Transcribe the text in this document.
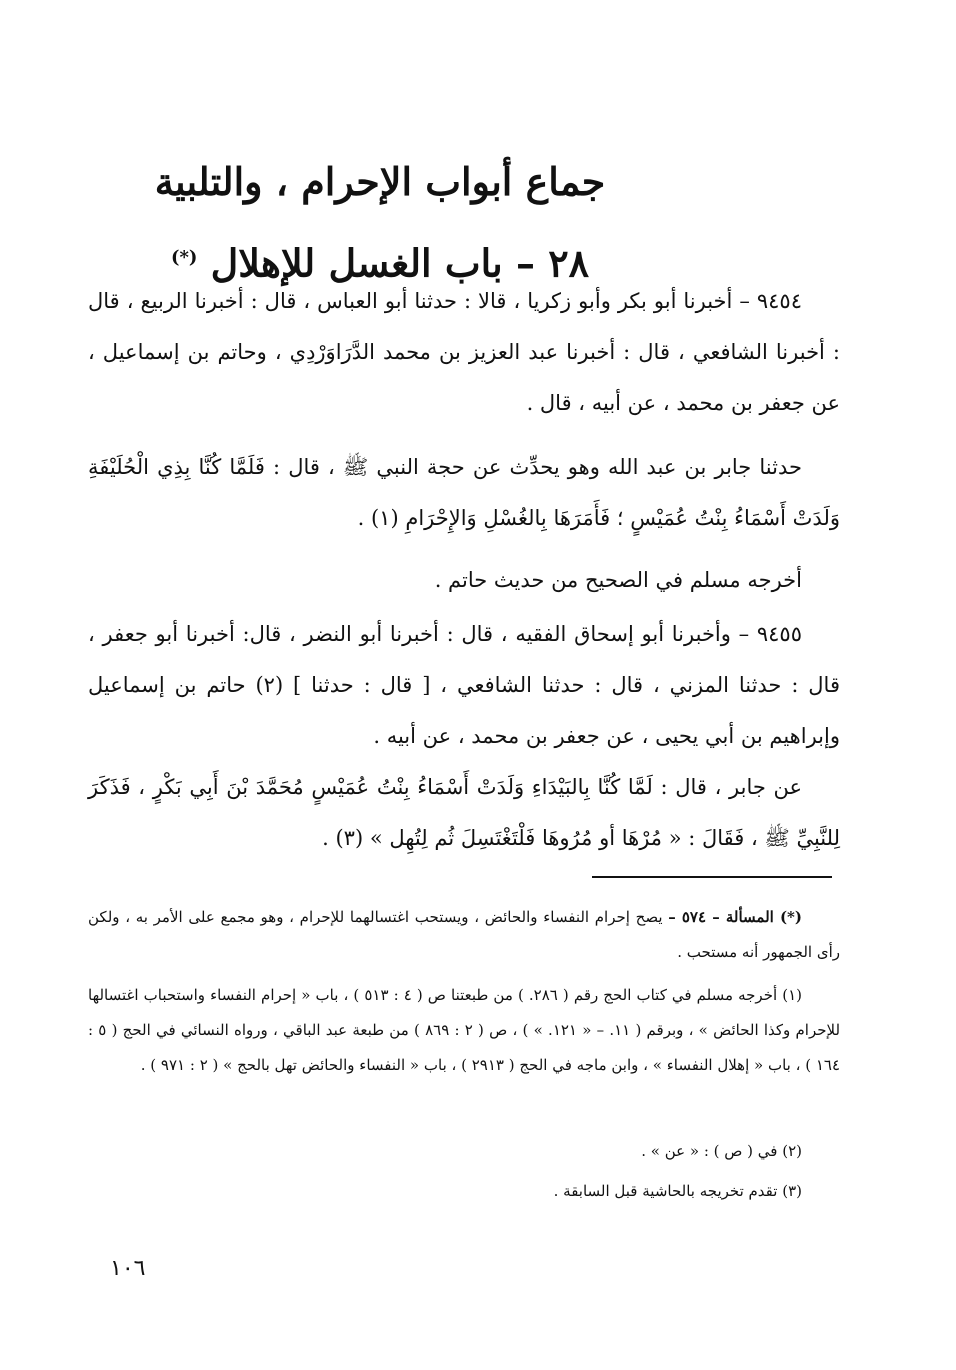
جماع أبواب الإحرام ، والتلبية
٢٨ – باب الغسل للإهلال (*)

٩٤٥٤ – أخبرنا أبو بكر وأبو زكريا ، قالا : حدثنا أبو العباس ، قال : أخبرنا الربيع ، قال : أخبرنا الشافعي ، قال : أخبرنا عبد العزيز بن محمد الدَّرَاوَرْدِي ، وحاتم بن إسماعيل ، عن جعفر بن محمد ، عن أبيه ، قال .

حدثنا جابر بن عبد الله وهو يحدِّث عن حجة النبي ﷺ ، قال : فَلَمَّا كُنَّا بِذِي الْحُلَيْفَةِ وَلَدَتْ أَسْمَاءُ بِنْتُ عُمَيْسٍ ؛ فَأَمَرَهَا بِالغُسْلِ وَالإِحْرَامِ (١) .

أخرجه مسلم في الصحيح من حديث حاتم .

٩٤٥٥ – وأخبرنا أبو إسحاق الفقيه ، قال : أخبرنا أبو النضر ، قال: أخبرنا أبو جعفر ، قال : حدثنا المزني ، قال : حدثنا الشافعي ، [ قال : حدثنا ] (٢) حاتم بن إسماعيل وإبراهيم بن أبي يحيى ، عن جعفر بن محمد ، عن أبيه .

عن جابر ، قال : لَمَّا كُنَّا بِالبَيْدَاءِ وَلَدَتْ أَسْمَاءُ بِنْتُ عُمَيْسٍ مُحَمَّدَ بْنَ أَبِي بَكْرٍ ، فَذَكَرَ لِلنَّبِيِّ ﷺ ، فَقَالَ : « مُرْهَا أو مُرُوهَا فَلْتَغْتَسِلَ ثُم لِتُهِل » (٣) .

(*) المسألة – ٥٧٤ – يصح إحرام النفساء والحائض ، ويستحب اغتسالهما للإحرام ، وهو مجمع على الأمر به ، ولكن رأى الجمهور أنه مستحب .

(١) أخرجه مسلم في كتاب الحج رقم ( ٢٨٦. ) من طبعتنا ص ( ٤ : ٥١٣ ) ، باب « إحرام النفساء واستحباب اغتسالها للإحرام وكذا الحائض » ، وبرقم ( ١١. – « ١٢١. » ) ، ص ( ٢ : ٨٦٩ ) من طبعة عبد الباقي ، ورواه النسائي في الحج ( ٥ : ١٦٤ ) ، باب « إهلال النفساء » ، وابن ماجه في الحج ( ٢٩١٣ ) ، باب « النفساء والحائض تهل بالحج » ( ٢ : ٩٧١ ) .

(٢) في ( ص ) : « عن » .

(٣) تقدم تخريجه بالحاشية قبل السابقة .

١٠٦
